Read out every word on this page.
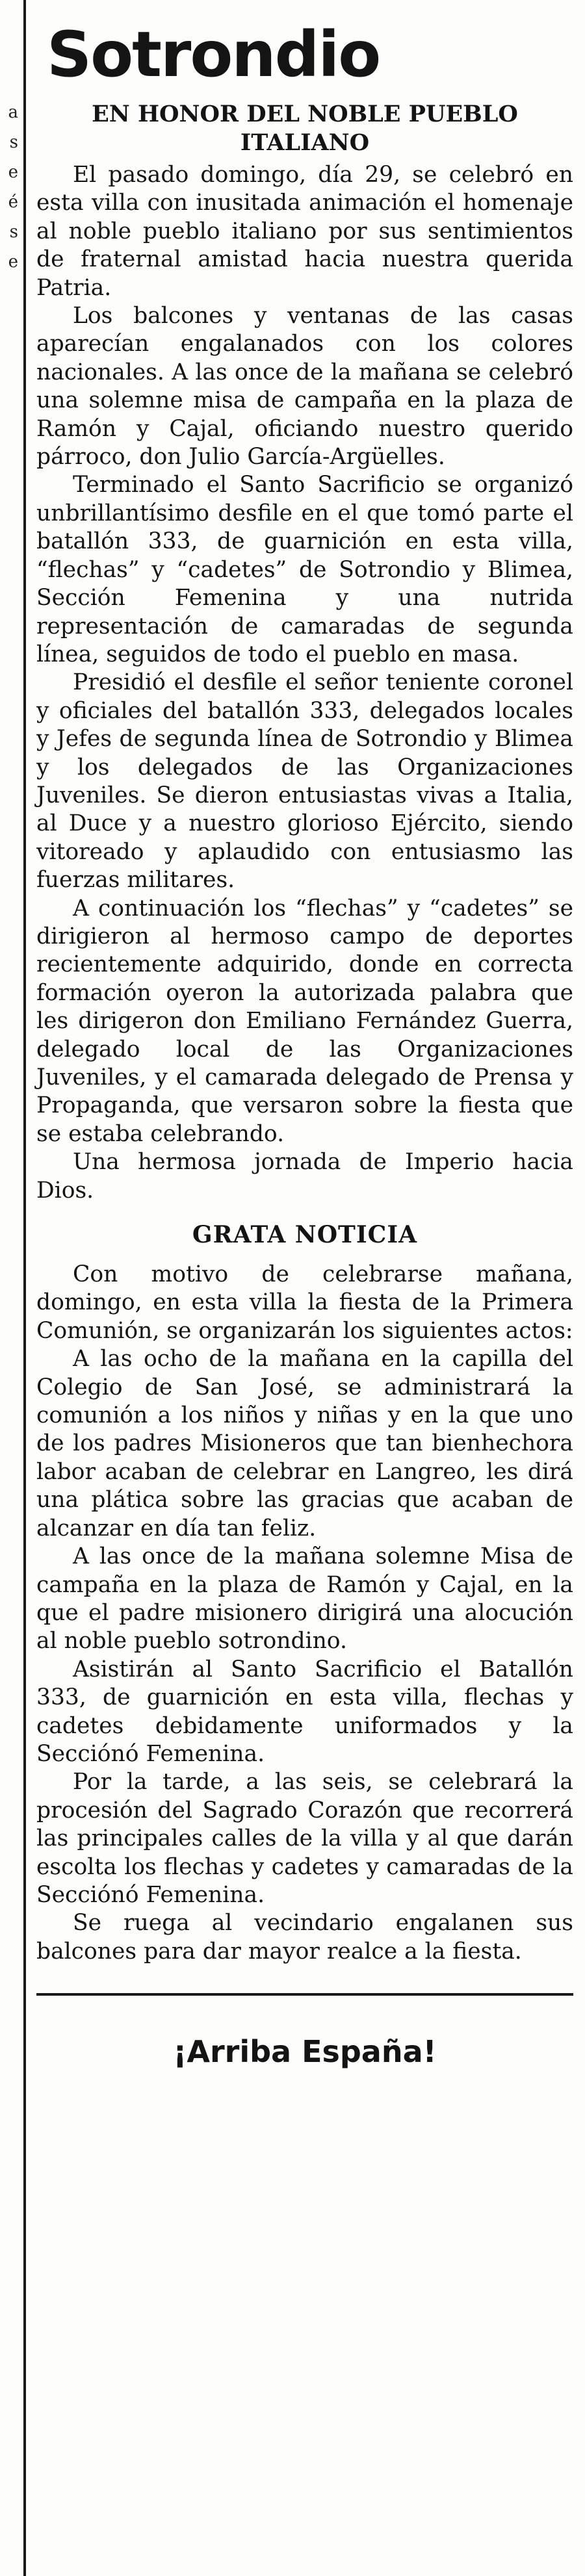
a
s
e
é
s
e
Sotrondio
EN HONOR DEL NOBLE PUEBLO ITALIANO

El pasado domingo, día 29, se celebró en esta villa con inusitada animación el homenaje al noble pueblo italiano por sus sentimientos de fraternal amistad hacia nuestra querida Patria.

Los balcones y ventanas de las casas aparecían engalanados con los colores nacionales. A las once de la mañana se celebró una solemne misa de campaña en la plaza de Ramón y Cajal, oficiando nuestro querido párroco, don Julio García-Argüelles.

Terminado el Santo Sacrificio se organizó unbrillantísimo desfile en el que tomó parte el batallón 333, de guarnición en esta villa, “flechas” y “cadetes” de Sotrondio y Blimea, Sección Femenina y una nutrida representación de camaradas de segunda línea, seguidos de todo el pueblo en masa.

Presidió el desfile el señor teniente coronel y oficiales del batallón 333, delegados locales y Jefes de segunda línea de Sotrondio y Blimea y los delegados de las Organizaciones Juveniles. Se dieron entusiastas vivas a Italia, al Duce y a nuestro glorioso Ejército, siendo vitoreado y aplaudido con entusiasmo las fuerzas militares.

A continuación los “flechas” y “cadetes” se dirigieron al hermoso campo de deportes recientemente adquirido, donde en correcta formación oyeron la autorizada palabra que les dirigeron don Emiliano Fernández Guerra, delegado local de las Organizaciones Juveniles, y el camarada delegado de Prensa y Propaganda, que versaron sobre la fiesta que se estaba celebrando.

Una hermosa jornada de Imperio hacia Dios.

GRATA NOTICIA

Con motivo de celebrarse mañana, domingo, en esta villa la fiesta de la Primera Comunión, se organizarán los siguientes actos:

A las ocho de la mañana en la capilla del Colegio de San José, se administrará la comunión a los niños y niñas y en la que uno de los padres Misioneros que tan bienhechora labor acaban de celebrar en Langreo, les dirá una plática sobre las gracias que acaban de alcanzar en día tan feliz.

A las once de la mañana solemne Misa de campaña en la plaza de Ramón y Cajal, en la que el padre misionero dirigirá una alocución al noble pueblo sotrondino.

Asistirán al Santo Sacrificio el Batallón 333, de guarnición en esta villa, flechas y cadetes debidamente uniformados y la Secciónó Femenina.

Por la tarde, a las seis, se celebrará la procesión del Sagrado Corazón que recorrerá las principales calles de la villa y al que darán escolta los flechas y cadetes y camaradas de la Secciónó Femenina.

Se ruega al vecindario engalanen sus balcones para dar mayor realce a la fiesta.

¡Arriba España!
